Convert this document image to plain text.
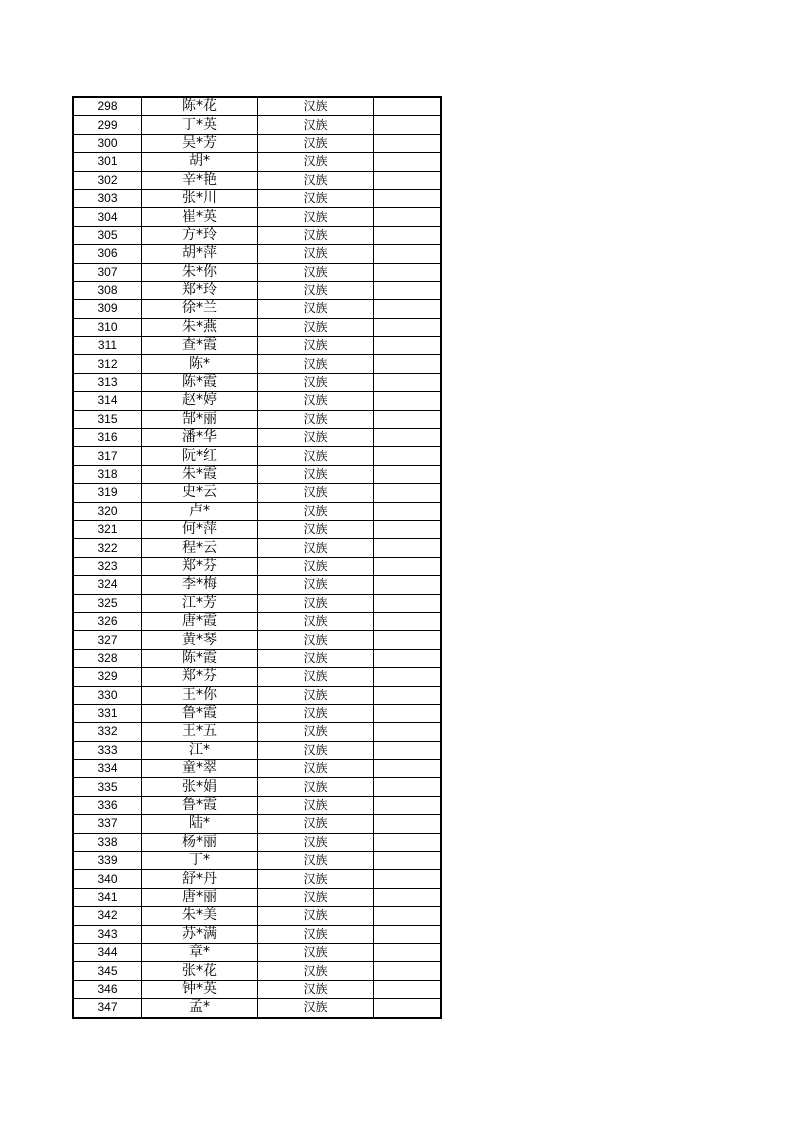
298	陈*花	汉族	
299	丁*英	汉族	
300	吴*芳	汉族	
301	胡*	汉族	
302	辛*艳	汉族	
303	张*川	汉族	
304	崔*英	汉族	
305	方*玲	汉族	
306	胡*萍	汉族	
307	朱*你	汉族	
308	郑*玲	汉族	
309	徐*兰	汉族	
310	朱*燕	汉族	
311	查*霞	汉族	
312	陈*	汉族	
313	陈*霞	汉族	
314	赵*婷	汉族	
315	郜*丽	汉族	
316	潘*华	汉族	
317	阮*红	汉族	
318	朱*霞	汉族	
319	史*云	汉族	
320	卢*	汉族	
321	何*萍	汉族	
322	程*云	汉族	
323	郑*芬	汉族	
324	李*梅	汉族	
325	江*芳	汉族	
326	唐*霞	汉族	
327	黄*琴	汉族	
328	陈*霞	汉族	
329	郑*芬	汉族	
330	王*你	汉族	
331	鲁*霞	汉族	
332	王*五	汉族	
333	江*	汉族	
334	童*翠	汉族	
335	张*娟	汉族	
336	鲁*霞	汉族	
337	陆*	汉族	
338	杨*丽	汉族	
339	丁*	汉族	
340	舒*丹	汉族	
341	唐*丽	汉族	
342	朱*美	汉族	
343	苏*满	汉族	
344	章*	汉族	
345	张*花	汉族	
346	钟*英	汉族	
347	孟*	汉族	
